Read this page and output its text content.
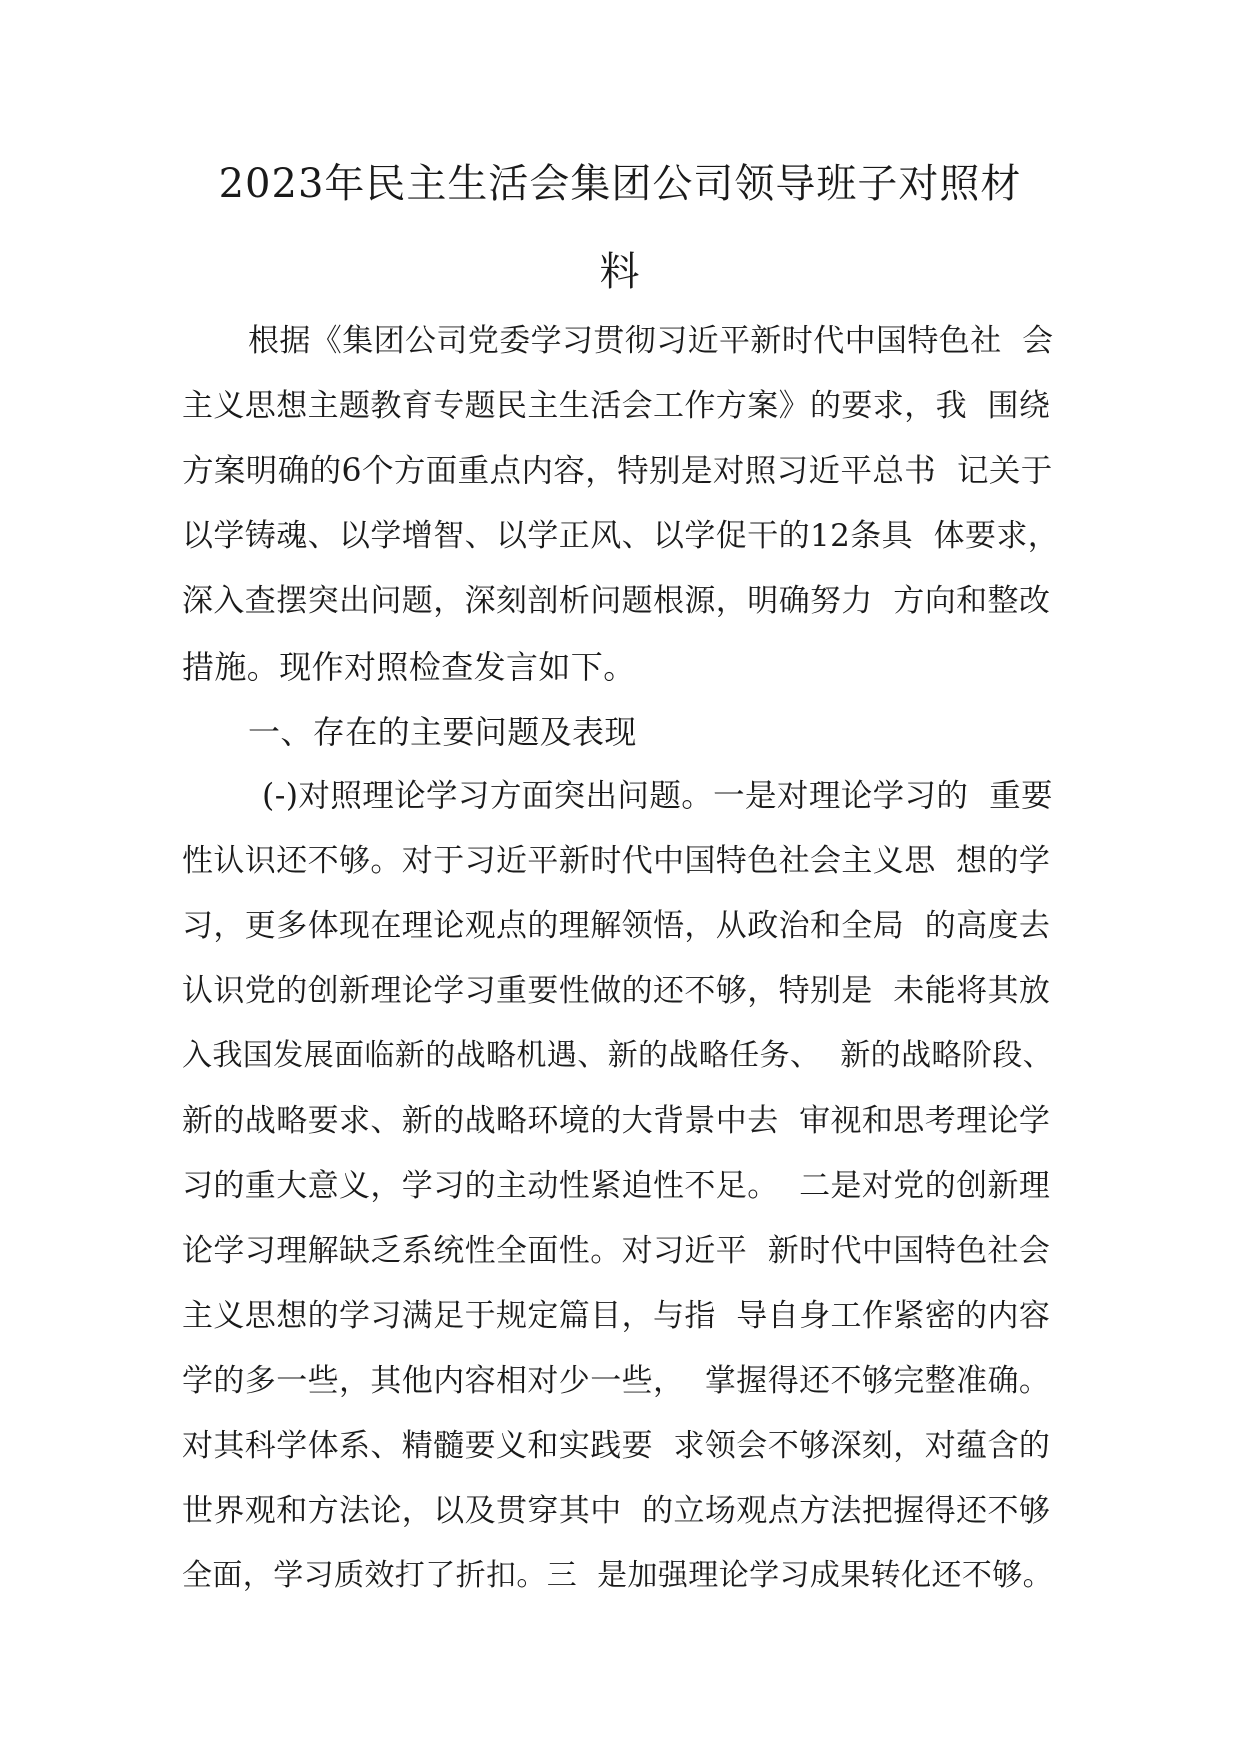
2023年民主生活会集团公司领导班子对照材
料
根据《集团公司党委学习贯彻习近平新时代中国特色社  会
主义思想主题教育专题民主生活会工作方案》的要求，我  围绕
方案明确的6个方面重点内容，特别是对照习近平总书  记关于
以学铸魂、以学增智、以学正风、以学促干的12条具  体要求，
深入查摆突出问题，深刻剖析问题根源，明确努力  方向和整改
措施。现作对照检查发言如下。
一、存在的主要问题及表现
(-)对照理论学习方面突出问题。一是对理论学习的  重要
性认识还不够。对于习近平新时代中国特色社会主义思  想的学
习，更多体现在理论观点的理解领悟，从政治和全局  的高度去
认识党的创新理论学习重要性做的还不够，特别是  未能将其放
入我国发展面临新的战略机遇、新的战略任务、  新的战略阶段、
新的战略要求、新的战略环境的大背景中去  审视和思考理论学
习的重大意义，学习的主动性紧迫性不足。  二是对党的创新理
论学习理解缺乏系统性全面性。对习近平  新时代中国特色社会
主义思想的学习满足于规定篇目，与指  导自身工作紧密的内容
学的多一些，其他内容相对少一些，  掌握得还不够完整准确。
对其科学体系、精髓要义和实践要  求领会不够深刻，对蕴含的
世界观和方法论，以及贯穿其中  的立场观点方法把握得还不够
全面，学习质效打了折扣。三  是加强理论学习成果转化还不够。
